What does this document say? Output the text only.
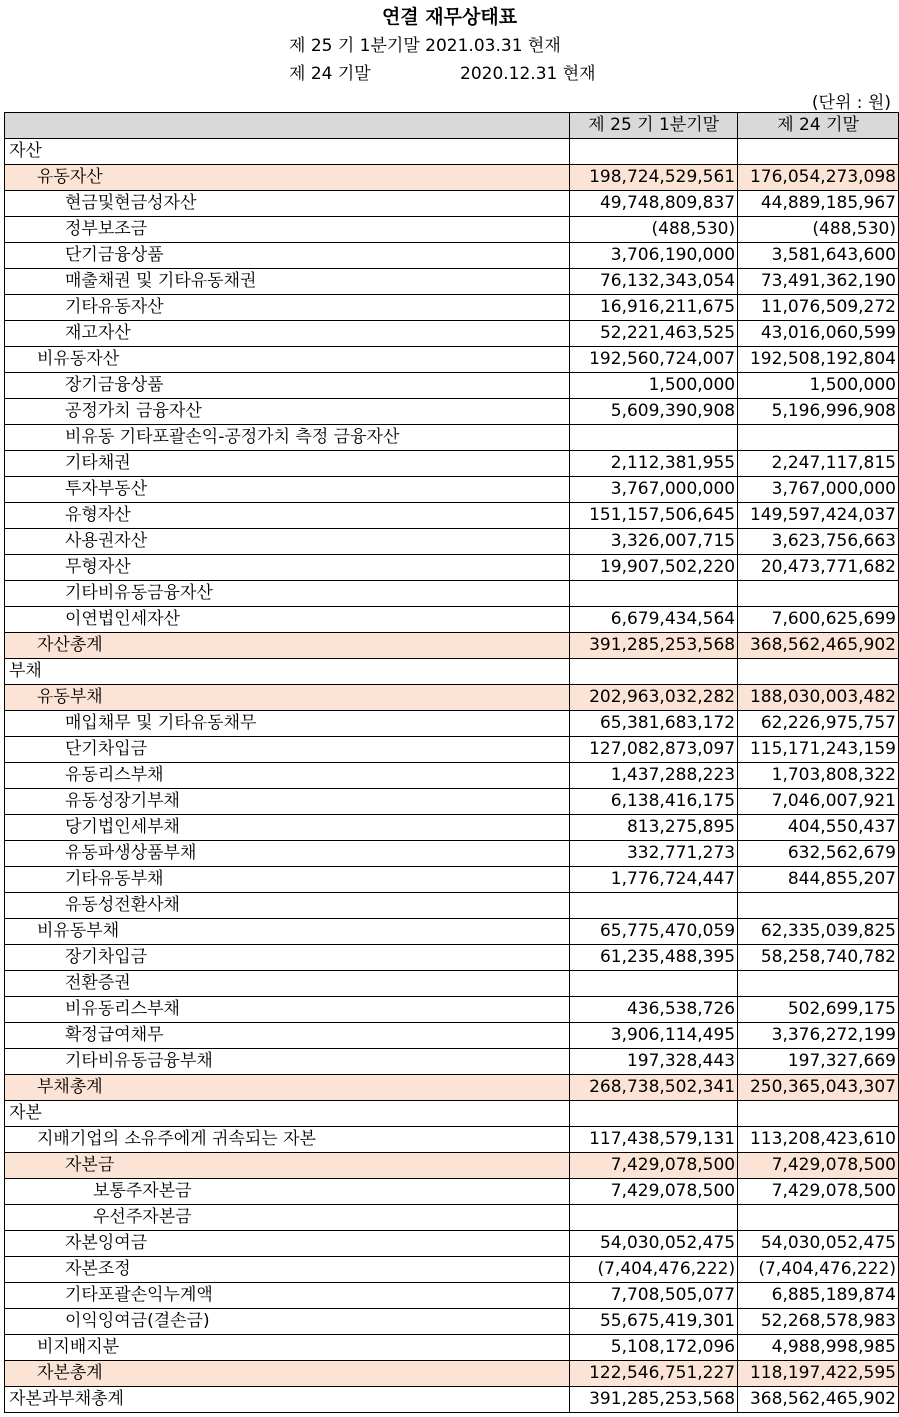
연결 재무상태표
제 25 기 1분기말 2021.03.31 현재
제 24 기말	2020.12.31 현재
(단위 : 원)
	제 25 기 1분기말	제 24 기말
자산		
유동자산	198,724,529,561	176,054,273,098
현금및현금성자산	49,748,809,837	44,889,185,967
정부보조금	(488,530)	(488,530)
단기금융상품	3,706,190,000	3,581,643,600
매출채권 및 기타유동채권	76,132,343,054	73,491,362,190
기타유동자산	16,916,211,675	11,076,509,272
재고자산	52,221,463,525	43,016,060,599
비유동자산	192,560,724,007	192,508,192,804
장기금융상품	1,500,000	1,500,000
공정가치 금융자산	5,609,390,908	5,196,996,908
비유동 기타포괄손익-공정가치 측정 금융자산		
기타채권	2,112,381,955	2,247,117,815
투자부동산	3,767,000,000	3,767,000,000
유형자산	151,157,506,645	149,597,424,037
사용권자산	3,326,007,715	3,623,756,663
무형자산	19,907,502,220	20,473,771,682
기타비유동금융자산		
이연법인세자산	6,679,434,564	7,600,625,699
자산총계	391,285,253,568	368,562,465,902
부채		
유동부채	202,963,032,282	188,030,003,482
매입채무 및 기타유동채무	65,381,683,172	62,226,975,757
단기차입금	127,082,873,097	115,171,243,159
유동리스부채	1,437,288,223	1,703,808,322
유동성장기부채	6,138,416,175	7,046,007,921
당기법인세부채	813,275,895	404,550,437
유동파생상품부채	332,771,273	632,562,679
기타유동부채	1,776,724,447	844,855,207
유동성전환사채		
비유동부채	65,775,470,059	62,335,039,825
장기차입금	61,235,488,395	58,258,740,782
전환증권		
비유동리스부채	436,538,726	502,699,175
확정급여채무	3,906,114,495	3,376,272,199
기타비유동금융부채	197,328,443	197,327,669
부채총계	268,738,502,341	250,365,043,307
자본		
지배기업의 소유주에게 귀속되는 자본	117,438,579,131	113,208,423,610
자본금	7,429,078,500	7,429,078,500
보통주자본금	7,429,078,500	7,429,078,500
우선주자본금		
자본잉여금	54,030,052,475	54,030,052,475
자본조정	(7,404,476,222)	(7,404,476,222)
기타포괄손익누계액	7,708,505,077	6,885,189,874
이익잉여금(결손금)	55,675,419,301	52,268,578,983
비지배지분	5,108,172,096	4,988,998,985
자본총계	122,546,751,227	118,197,422,595
자본과부채총계	391,285,253,568	368,562,465,902
